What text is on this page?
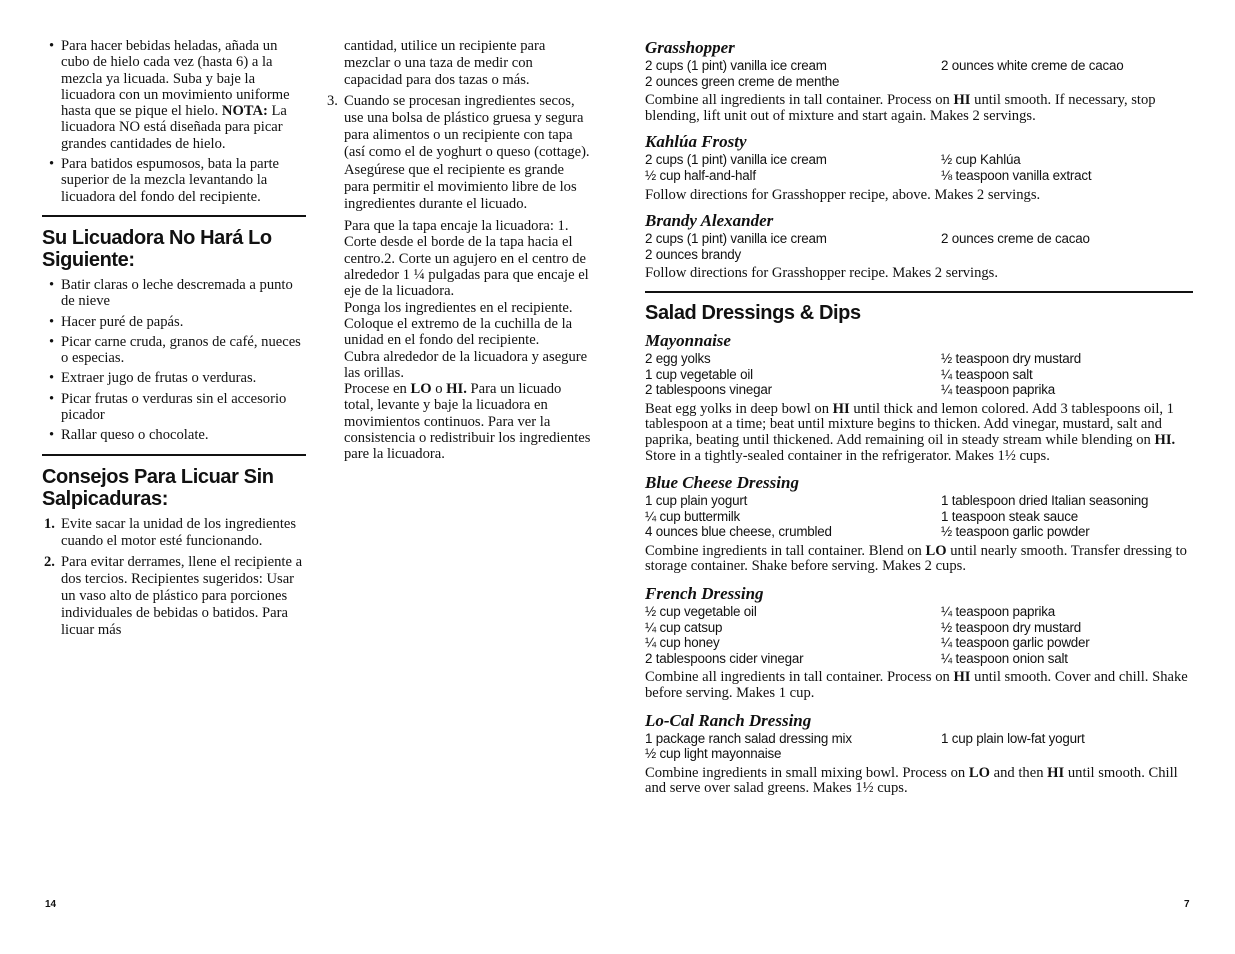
• Para hacer bebidas heladas, añada un cubo de hielo cada vez (hasta 6) a la mezcla ya licuada. Suba y baje la licuadora con un movimiento uniforme hasta que se pique el hielo. NOTA: La licuadora NO está diseñada para picar grandes cantidades de hielo.
• Para batidos espumosos, bata la parte superior de la mezcla levantando la licuadora del fondo del recipiente.
Su Licuadora No Hará Lo Siguiente:
• Batir claras o leche descremada a punto de nieve
• Hacer puré de papás.
• Picar carne cruda, granos de café, nueces o especias.
• Extraer jugo de frutas o verduras.
• Picar frutas o verduras sin el accesorio picador
• Rallar queso o chocolate.
Consejos Para Licuar Sin Salpicaduras:
1. Evite sacar la unidad de los ingredientes cuando el motor esté funcionando.
2. Para evitar derrames, llene el recipiente a dos tercios. Recipientes sugeridos: Usar un vaso alto de plástico para porciones individuales de bebidas o batidos. Para licuar más

cantidad, utilice un recipiente para mezclar o una taza de medir con capacidad para dos tazas o más.

3. Cuando se procesan ingredientes secos, use una bolsa de plástico gruesa y segura para alimentos o un recipiente con tapa (así como el de yoghurt o queso (cottage). Asegúrese que el recipiente es grande para permitir el movimiento libre de los ingredientes durante el licuado.

Para que la tapa encaje la licuadora: 1. Corte desde el borde de la tapa hacia el centro.2. Corte un agujero en el centro de alrededor 1 ¼ pulgadas para que encaje el eje de la licuadora.

Ponga los ingredientes en el recipiente. Coloque el extremo de la cuchilla de la unidad en el fondo del recipiente.

Cubra alrededor de la licuadora y asegure las orillas.

Procese en LO o HI. Para un licuado total, levante y baje la licuadora en movimientos continuos. Para ver la consistencia o redistribuir los ingredientes pare la licuadora.

Grasshopper
2 cups (1 pint) vanilla ice cream	2 ounces white creme de cacao
2 ounces green creme de menthe

Combine all ingredients in tall container. Process on HI until smooth. If necessary, stop blending, lift unit out of mixture and start again. Makes 2 servings.

Kahlúa Frosty
2 cups (1 pint) vanilla ice cream	½ cup Kahlúa
½ cup half-and-half	⅛ teaspoon vanilla extract

Follow directions for Grasshopper recipe, above. Makes 2 servings.

Brandy Alexander
2 cups (1 pint) vanilla ice cream	2 ounces creme de cacao
2 ounces brandy

Follow directions for Grasshopper recipe. Makes 2 servings.

Salad Dressings & Dips
Mayonnaise
2 egg yolks	½ teaspoon dry mustard
1 cup vegetable oil	¼ teaspoon salt
2 tablespoons vinegar	¼ teaspoon paprika

Beat egg yolks in deep bowl on HI until thick and lemon colored. Add 3 tablespoons oil, 1 tablespoon at a time; beat until mixture begins to thicken. Add vinegar, mustard, salt and paprika, beating until thickened. Add remaining oil in steady stream while blending on HI. Store in a tightly-sealed container in the refrigerator. Makes 1½ cups.

Blue Cheese Dressing
1 cup plain yogurt	1 tablespoon dried Italian seasoning
¼ cup buttermilk	1 teaspoon steak sauce
4 ounces blue cheese, crumbled	½ teaspoon garlic powder

Combine ingredients in tall container. Blend on LO until nearly smooth. Transfer dressing to storage container. Shake before serving. Makes 2 cups.

French Dressing
½ cup vegetable oil	¼ teaspoon paprika
¼ cup catsup	½ teaspoon dry mustard
¼ cup honey	¼ teaspoon garlic powder
2 tablespoons cider vinegar	¼ teaspoon onion salt

Combine all ingredients in tall container. Process on HI until smooth. Cover and chill. Shake before serving. Makes 1 cup.

Lo-Cal Ranch Dressing
1 package ranch salad dressing mix	1 cup plain low-fat yogurt
½ cup light mayonnaise

Combine ingredients in small mixing bowl. Process on LO and then HI until smooth. Chill and serve over salad greens. Makes 1½ cups.

14	7
